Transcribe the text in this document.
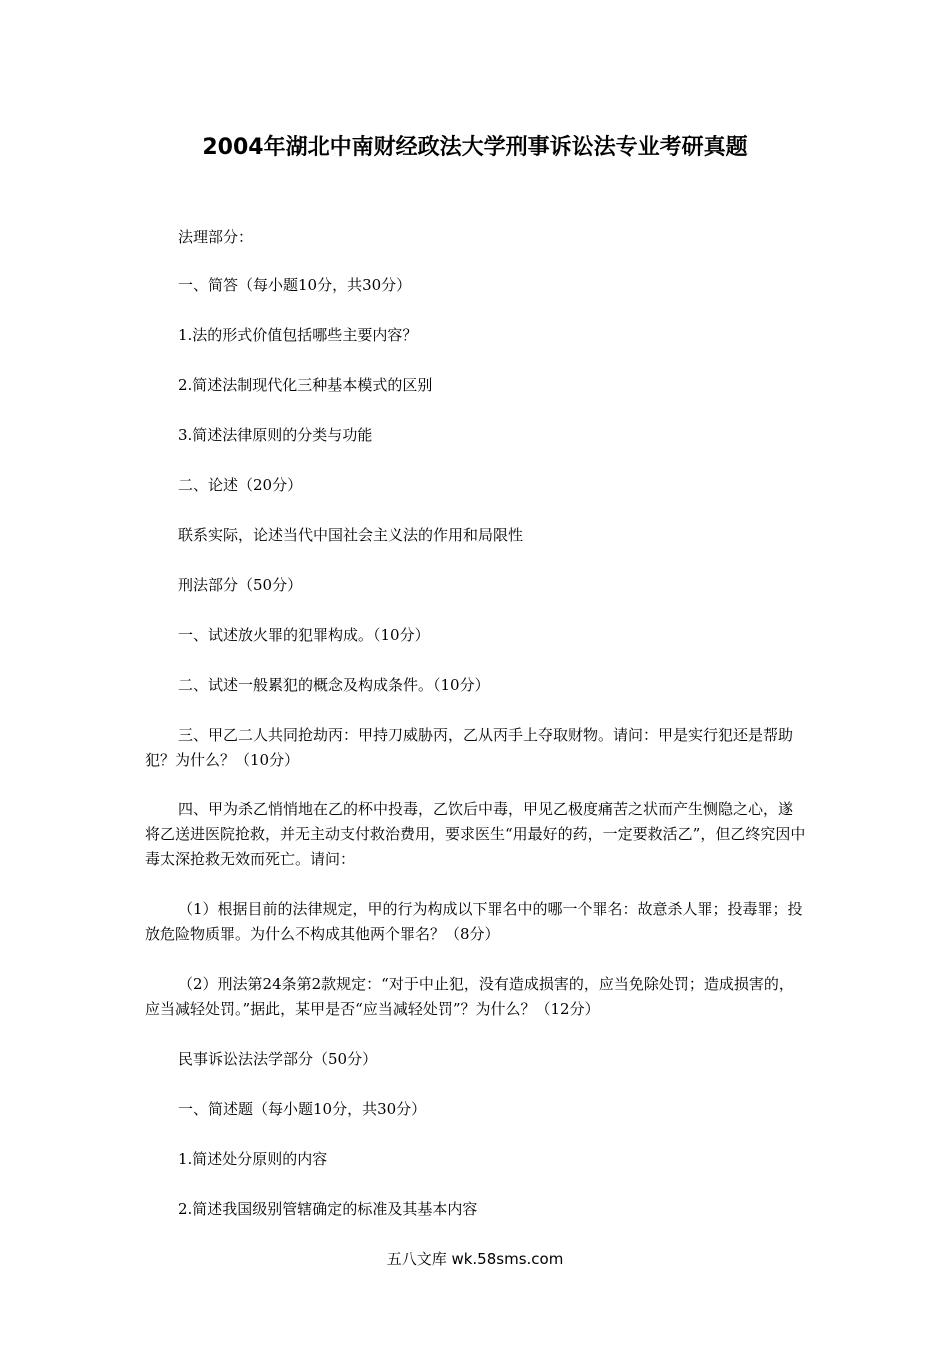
2004年湖北中南财经政法大学刑事诉讼法专业考研真题
法理部分：
一、简答（每小题10分，共30分）
1.法的形式价值包括哪些主要内容？
2.简述法制现代化三种基本模式的区别
3.简述法律原则的分类与功能
二、论述（20分）
联系实际，论述当代中国社会主义法的作用和局限性
刑法部分（50分）
一、试述放火罪的犯罪构成。（10分）
二、试述一般累犯的概念及构成条件。（10分）
三、甲乙二人共同抢劫丙：甲持刀威胁丙，乙从丙手上夺取财物。请问：甲是实行犯还是帮助犯？为什么？（10分）
四、甲为杀乙悄悄地在乙的杯中投毒，乙饮后中毒，甲见乙极度痛苦之状而产生恻隐之心，遂将乙送进医院抢救，并无主动支付救治费用，要求医生“用最好的药，一定要救活乙”，但乙终究因中毒太深抢救无效而死亡。请问：
（1）根据目前的法律规定，甲的行为构成以下罪名中的哪一个罪名：故意杀人罪；投毒罪；投放危险物质罪。为什么不构成其他两个罪名？（8分）
（2）刑法第24条第2款规定：“对于中止犯，没有造成损害的，应当免除处罚；造成损害的，应当减轻处罚。”据此，某甲是否“应当减轻处罚”？为什么？（12分）
民事诉讼法法学部分（50分）
一、简述题（每小题10分，共30分）
1.简述处分原则的内容
2.简述我国级别管辖确定的标准及其基本内容
五八文库 wk.58sms.com
